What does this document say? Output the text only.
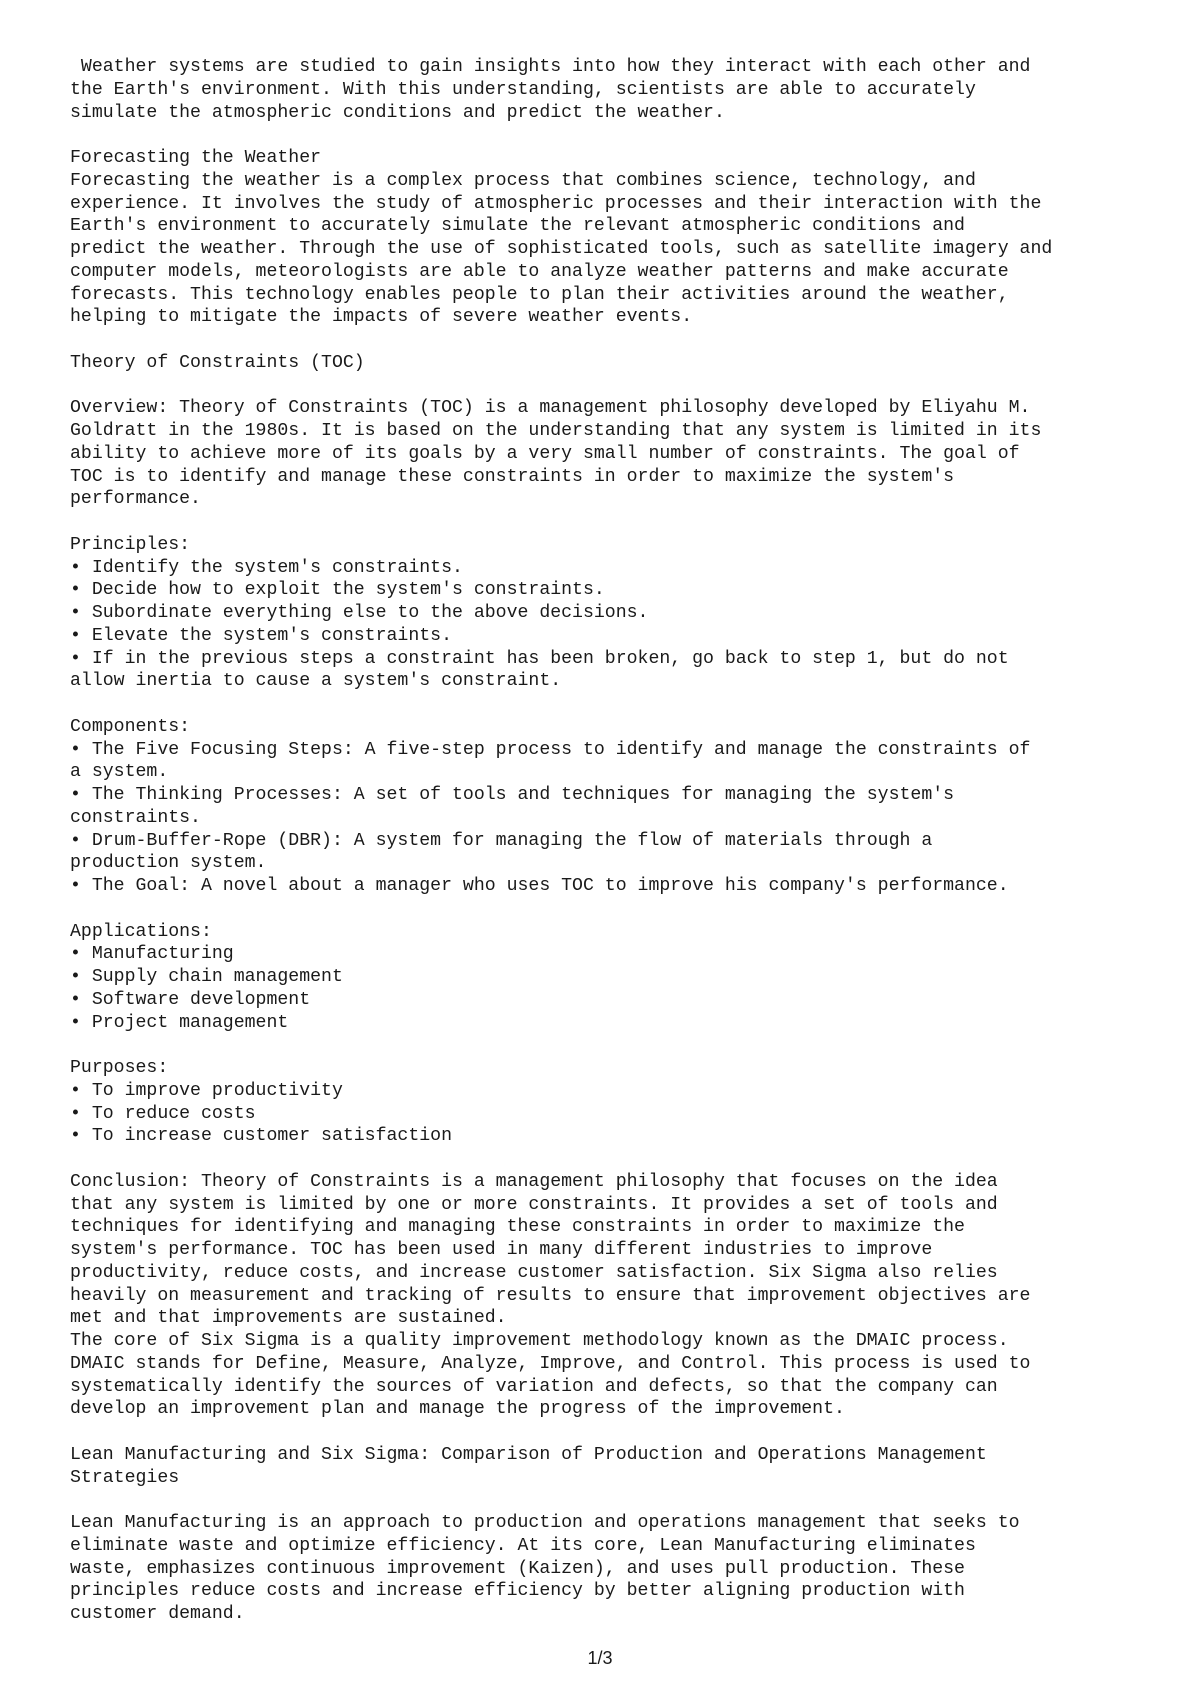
Weather systems are studied to gain insights into how they interact with each other and
the Earth's environment. With this understanding, scientists are able to accurately
simulate the atmospheric conditions and predict the weather.

Forecasting the Weather
Forecasting the weather is a complex process that combines science, technology, and
experience. It involves the study of atmospheric processes and their interaction with the
Earth's environment to accurately simulate the relevant atmospheric conditions and
predict the weather. Through the use of sophisticated tools, such as satellite imagery and
computer models, meteorologists are able to analyze weather patterns and make accurate
forecasts. This technology enables people to plan their activities around the weather,
helping to mitigate the impacts of severe weather events.

Theory of Constraints (TOC)

Overview: Theory of Constraints (TOC) is a management philosophy developed by Eliyahu M.
Goldratt in the 1980s. It is based on the understanding that any system is limited in its
ability to achieve more of its goals by a very small number of constraints. The goal of
TOC is to identify and manage these constraints in order to maximize the system's
performance.

Principles:
• Identify the system's constraints.
• Decide how to exploit the system's constraints.
• Subordinate everything else to the above decisions.
• Elevate the system's constraints.
• If in the previous steps a constraint has been broken, go back to step 1, but do not
allow inertia to cause a system's constraint.

Components:
• The Five Focusing Steps: A five-step process to identify and manage the constraints of
a system.
• The Thinking Processes: A set of tools and techniques for managing the system's
constraints.
• Drum-Buffer-Rope (DBR): A system for managing the flow of materials through a
production system.
• The Goal: A novel about a manager who uses TOC to improve his company's performance.

Applications:
• Manufacturing
• Supply chain management
• Software development
• Project management

Purposes:
• To improve productivity
• To reduce costs
• To increase customer satisfaction

Conclusion: Theory of Constraints is a management philosophy that focuses on the idea
that any system is limited by one or more constraints. It provides a set of tools and
techniques for identifying and managing these constraints in order to maximize the
system's performance. TOC has been used in many different industries to improve
productivity, reduce costs, and increase customer satisfaction. Six Sigma also relies
heavily on measurement and tracking of results to ensure that improvement objectives are
met and that improvements are sustained.
The core of Six Sigma is a quality improvement methodology known as the DMAIC process.
DMAIC stands for Define, Measure, Analyze, Improve, and Control. This process is used to
systematically identify the sources of variation and defects, so that the company can
develop an improvement plan and manage the progress of the improvement.

Lean Manufacturing and Six Sigma: Comparison of Production and Operations Management
Strategies

Lean Manufacturing is an approach to production and operations management that seeks to
eliminate waste and optimize efficiency. At its core, Lean Manufacturing eliminates
waste, emphasizes continuous improvement (Kaizen), and uses pull production. These
principles reduce costs and increase efficiency by better aligning production with
customer demand.
1/3
